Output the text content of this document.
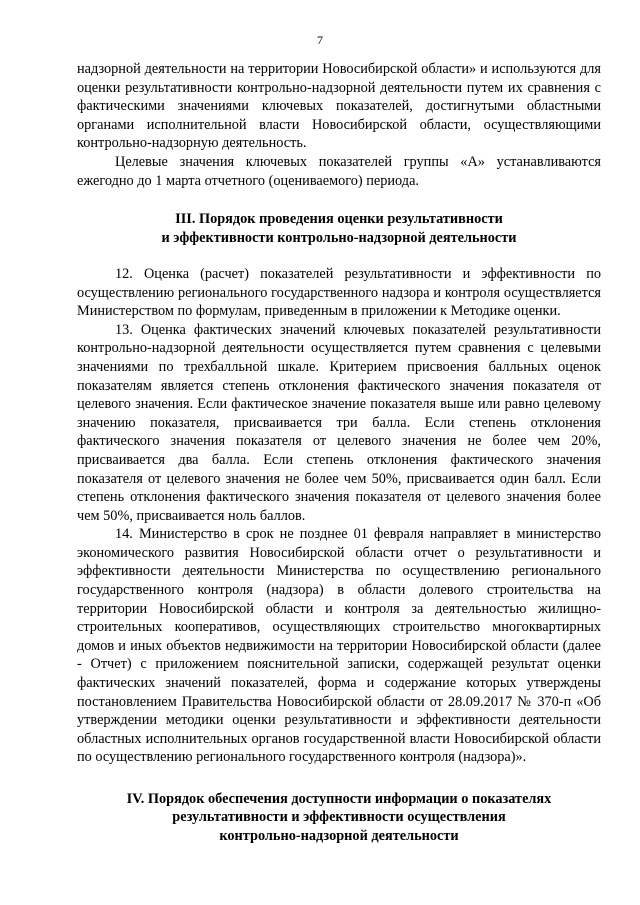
7

надзорной деятельности на территории Новосибирской области» и используются для оценки результативности контрольно-надзорной деятельности путем их сравнения с фактическими значениями ключевых показателей, достигнутыми областными органами исполнительной власти Новосибирской области, осуществляющими контрольно-надзорную деятельность.

Целевые значения ключевых показателей группы «А» устанавливаются ежегодно до 1 марта отчетного (оцениваемого) периода.

III. Порядок проведения оценки результативности
и эффективности контрольно-надзорной деятельности

12. Оценка (расчет) показателей результативности и эффективности по осуществлению регионального государственного надзора и контроля осуществляется Министерством по формулам, приведенным в приложении к Методике оценки.

13. Оценка фактических значений ключевых показателей результативности контрольно-надзорной деятельности осуществляется путем сравнения с целевыми значениями по трехбалльной шкале. Критерием присвоения балльных оценок показателям является степень отклонения фактического значения показателя от целевого значения. Если фактическое значение показателя выше или равно целевому значению показателя, присваивается три балла. Если степень отклонения фактического значения показателя от целевого значения не более чем 20%, присваивается два балла. Если степень отклонения фактического значения показателя от целевого значения не более чем 50%, присваивается один балл. Если степень отклонения фактического значения показателя от целевого значения более чем 50%, присваивается ноль баллов.

14. Министерство в срок не позднее 01 февраля направляет в министерство экономического развития Новосибирской области отчет о результативности и эффективности деятельности Министерства по осуществлению регионального государственного контроля (надзора) в области долевого строительства на территории Новосибирской области и контроля за деятельностью жилищно-строительных кооперативов, осуществляющих строительство многоквартирных домов и иных объектов недвижимости на территории Новосибирской области (далее - Отчет) с приложением пояснительной записки, содержащей результат оценки фактических значений показателей, форма и содержание которых утверждены постановлением Правительства Новосибирской области от 28.09.2017 № 370-п «Об утверждении методики оценки результативности и эффективности деятельности областных исполнительных органов государственной власти Новосибирской области по осуществлению регионального государственного контроля (надзора)».

IV. Порядок обеспечения доступности информации о показателях
результативности и эффективности осуществления
контрольно-надзорной деятельности
